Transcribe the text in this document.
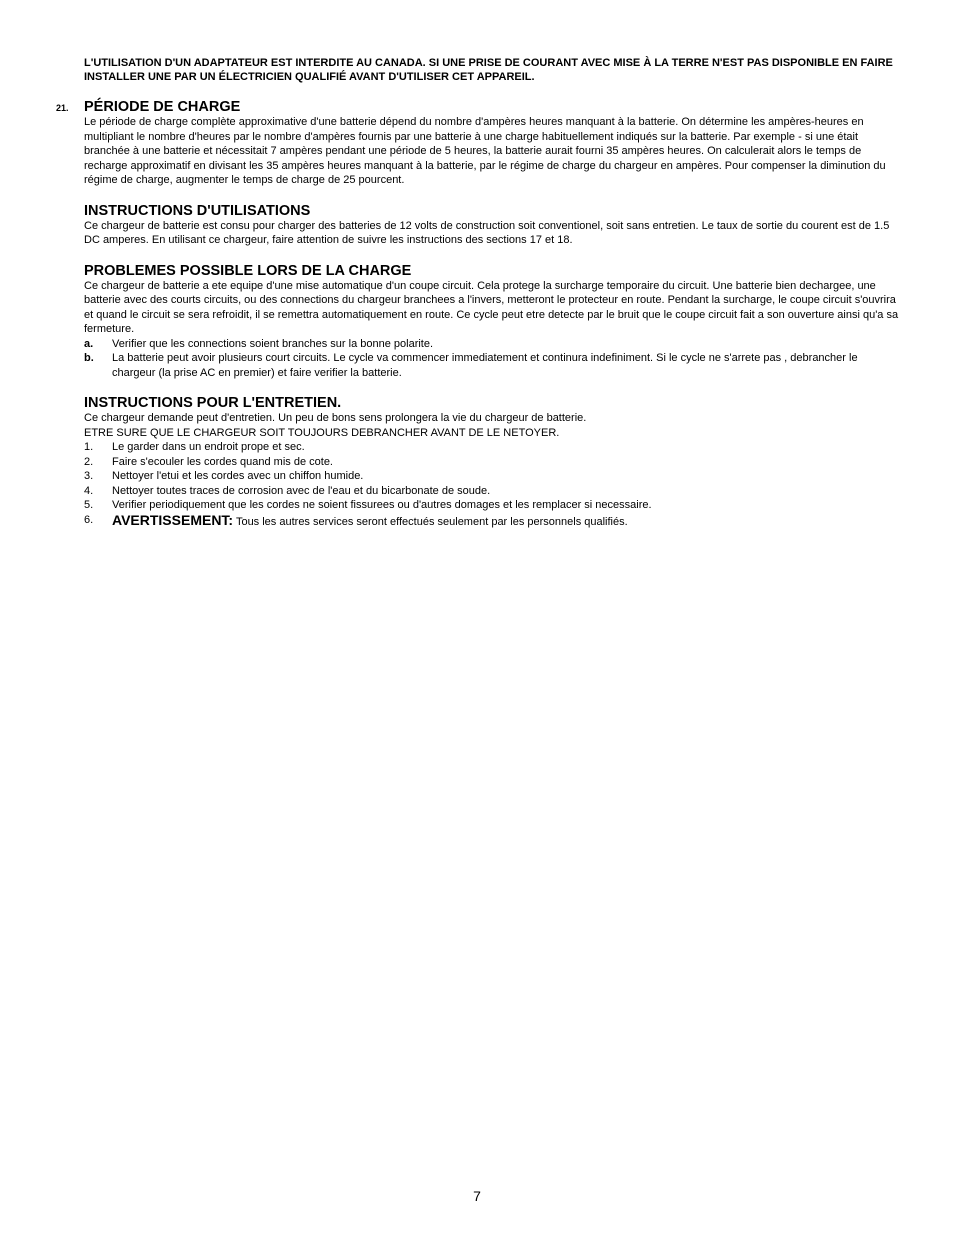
L'UTILISATION D'UN ADAPTATEUR EST INTERDITE AU CANADA. SI UNE PRISE DE COURANT AVEC MISE À LA TERRE N'EST PAS DISPONIBLE EN FAIRE INSTALLER UNE PAR UN ÉLECTRICIEN QUALIFIÉ AVANT D'UTILISER CET APPAREIL.

21. PÉRIODE DE CHARGE

Le période de charge complète approximative d'une batterie dépend du nombre d'ampères heures manquant à la batterie. On détermine les ampères-heures en multipliant le nombre d'heures par le nombre d'ampères fournis par une batterie à une charge habituellement indiqués sur la batterie. Par exemple - si une était branchée à une batterie et nécessitait 7 ampères pendant une période de 5 heures, la batterie aurait fourni 35 ampères heures. On calculerait alors le temps de recharge approximatif en divisant les 35 ampères heures manquant à la batterie, par le régime de charge du chargeur en ampères. Pour compenser la diminution du régime de charge, augmenter le temps de charge de 25 pourcent.

INSTRUCTIONS D'UTILISATIONS

Ce chargeur de batterie est consu pour charger des batteries de 12 volts de construction soit conventionel, soit sans entretien. Le taux de sortie du courent est de 1.5 DC amperes. En utilisant ce chargeur, faire attention de suivre les instructions des sections 17 et 18.

PROBLEMES POSSIBLE LORS DE LA CHARGE

Ce chargeur de batterie a ete equipe d'une mise automatique d'un coupe circuit. Cela protege la surcharge temporaire du circuit. Une batterie bien dechargee, une batterie avec des courts circuits, ou des connections du chargeur branchees a l'invers, metteront le protecteur en route. Pendant la surcharge, le coupe circuit s'ouvrira et quand le circuit se sera refroidit, il se remettra automatiquement en route. Ce cycle peut etre detecte par le bruit que le coupe circuit fait a son ouverture ainsi qu'a sa fermeture.

a. Verifier que les connections soient branches sur la bonne polarite.
b. La batterie peut avoir plusieurs court circuits. Le cycle va commencer immediatement et continura indefiniment. Si le cycle ne s'arrete pas , debrancher le chargeur (la prise AC en premier) et faire verifier la batterie.
INSTRUCTIONS POUR L'ENTRETIEN.

Ce chargeur demande peut d'entretien. Un peu de bons sens prolongera la vie du chargeur de batterie.

ETRE SURE QUE LE CHARGEUR SOIT TOUJOURS DEBRANCHER AVANT DE LE NETOYER.

1. Le garder dans un endroit prope et sec.
2. Faire s'ecouler les cordes quand mis de cote.
3. Nettoyer l'etui et les cordes avec un chiffon humide.
4. Nettoyer toutes traces de corrosion avec de l'eau et du bicarbonate de soude.
5. Verifier periodiquement que les cordes ne soient fissurees ou d'autres domages et les remplacer si necessaire.
6. AVERTISSEMENT: Tous les autres services seront effectués seulement par les personnels qualifiés.
7
